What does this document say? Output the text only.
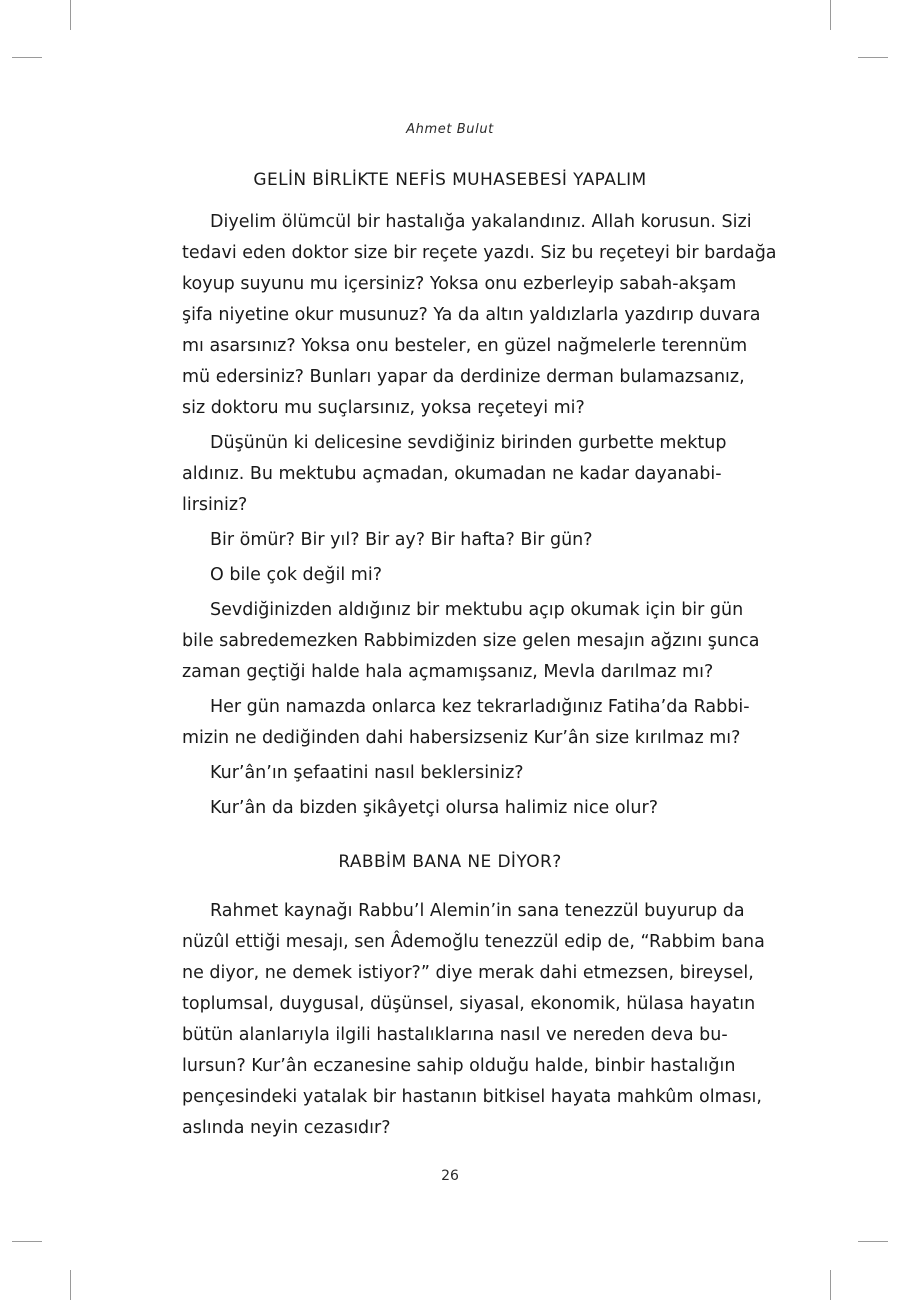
Ahmet Bulut
GELİN BİRLİKTE NEFİS MUHASEBESİ YAPALIM
Diyelim ölümcül bir hastalığa yakalandınız. Allah korusun. Sizi
tedavi eden doktor size bir reçete yazdı. Siz bu reçeteyi bir bardağa
koyup suyunu mu içersiniz? Yoksa onu ezberleyip sabah-akşam
şifa niyetine okur musunuz? Ya da altın yaldızlarla yazdırıp duvara
mı asarsınız? Yoksa onu besteler, en güzel nağmelerle terennüm
mü edersiniz? Bunları yapar da derdinize derman bulamazsanız,
siz doktoru mu suçlarsınız, yoksa reçeteyi mi?
Düşünün ki delicesine sevdiğiniz birinden gurbette mektup
aldınız. Bu mektubu açmadan, okumadan ne kadar dayanabi-
lirsiniz?
Bir ömür? Bir yıl? Bir ay? Bir hafta? Bir gün?
O bile çok değil mi?
Sevdiğinizden aldığınız bir mektubu açıp okumak için bir gün
bile sabredemezken Rabbimizden size gelen mesajın ağzını şunca
zaman geçtiği halde hala açmamışsanız, Mevla darılmaz mı?
Her gün namazda onlarca kez tekrarladığınız Fatiha’da Rabbi-
mizin ne dediğinden dahi habersizseniz Kur’ân size kırılmaz mı?
Kur’ân’ın şefaatini nasıl beklersiniz?
Kur’ân da bizden şikâyetçi olursa halimiz nice olur?
RABBİM BANA NE DİYOR?
Rahmet kaynağı Rabbu’l Alemin’in sana tenezzül buyurup da
nüzûl ettiği mesajı, sen Âdemoğlu tenezzül edip de, “Rabbim bana
ne diyor, ne demek istiyor?” diye merak dahi etmezsen, bireysel,
toplumsal, duygusal, düşünsel, siyasal, ekonomik, hülasa hayatın
bütün alanlarıyla ilgili hastalıklarına nasıl ve nereden deva bu-
lursun? Kur’ân eczanesine sahip olduğu halde, binbir hastalığın
pençesindeki yatalak bir hastanın bitkisel hayata mahkûm olması,
aslında neyin cezasıdır?
26
